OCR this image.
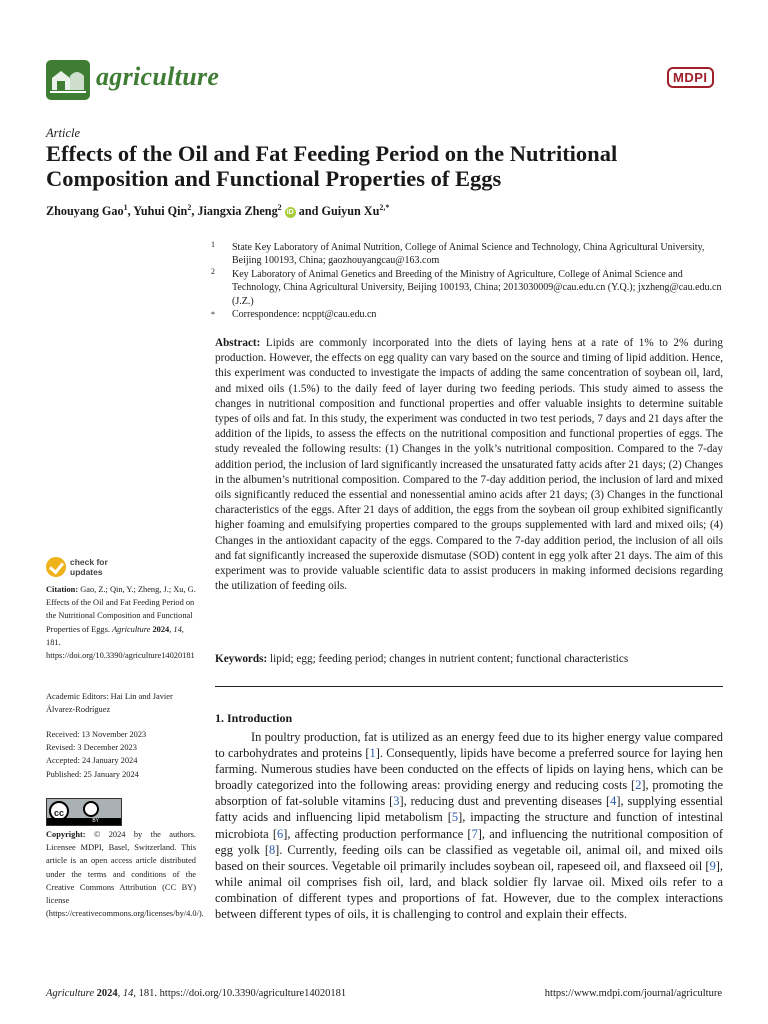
agriculture	MDPI
Article
Effects of the Oil and Fat Feeding Period on the Nutritional Composition and Functional Properties of Eggs
Zhouyang Gao$^1$, Yuhui Qin$^2$, Jiangxia Zheng$^2$ iD and Guiyun $Xu^{2,*}$
1	State Key Laboratory of Animal Nutrition, College of Animal Science and Technology, China Agricultural University, Beijing 100193, China; gaozhouyangcau@163.com
2	Key Laboratory of Animal Genetics and Breeding of the Ministry of Agriculture, College of Animal Science and Technology, China Agricultural University, Beijing 100193, China; 2013030009@cau.edu.cn (Y.Q.); jxzheng@cau.edu.cn (J.Z.)
*	Correspondence: ncppt@cau.edu.cn
Abstract: Lipids are commonly incorporated into the diets of laying hens at a rate of 1% to 2% during production. However, the effects on egg quality can vary based on the source and timing of lipid addition. Hence, this experiment was conducted to investigate the impacts of adding the same concentration of soybean oil, lard, and mixed oils (1.5%) to the daily feed of layer during two feeding periods. This study aimed to assess the changes in nutritional composition and functional properties and offer valuable insights to determine suitable types of oils and fat. In this study, the experiment was conducted in two test periods, 7 days and 21 days after the addition of the lipids, to assess the effects on the nutritional composition and functional properties of eggs. The study revealed the following results: (1) Changes in the yolk’s nutritional composition. Compared to the 7-day addition period, the inclusion of lard significantly increased the unsaturated fatty acids after 21 days; (2) Changes in the albumen’s nutritional composition. Compared to the 7-day addition period, the inclusion of lard and mixed oils significantly reduced the essential and nonessential amino acids after 21 days; (3) Changes in the functional characteristics of the eggs. After 21 days of addition, the eggs from the soybean oil group exhibited significantly higher foaming and emulsifying properties compared to the groups supplemented with lard and mixed oils; (4) Changes in the antioxidant capacity of the eggs. Compared to the 7-day addition period, the inclusion of all oils and fat significantly increased the superoxide dismutase (SOD) content in egg yolk after 21 days. The aim of this experiment was to provide valuable scientific data to assist producers in making informed decisions regarding the utilization of feeding oils.
Keywords: lipid; egg; feeding period; changes in nutrient content; functional characteristics
1. Introduction
In poultry production, fat is utilized as an energy feed due to its higher energy value compared to carbohydrates and proteins [1]. Consequently, lipids have become a preferred source for laying hen farming. Numerous studies have been conducted on the effects of lipids on laying hens, which can be broadly categorized into the following areas: providing energy and reducing costs [2], promoting the absorption of fat-soluble vitamins [3], reducing dust and preventing diseases [4], supplying essential fatty acids and influencing lipid metabolism [5], impacting the structure and function of intestinal microbiota [6], affecting production performance [7], and influencing the nutritional composition of egg yolk [8]. Currently, feeding oils can be classified as vegetable oil, animal oil, and mixed oils based on their sources. Vegetable oil primarily includes soybean oil, rapeseed oil, and flaxseed oil [9], while animal oil comprises fish oil, lard, and black soldier fly larvae oil. Mixed oils refer to a combination of different types and proportions of fat. However, due to the complex interactions between different types of oils, it is challenging to control and explain their effects.
check for
updates
Citation: Gao, Z.; Qin, Y.; Zheng, J.; Xu, G. Effects of the Oil and Fat Feeding Period on the Nutritional Composition and Functional Properties of Eggs. Agriculture 2024, 14, 181. https://doi.org/10.3390/agriculture14020181
Academic Editors: Hai Lin and Javier Álvarez-Rodríguez
Received: 13 November 2023
Revised: 3 December 2023
Accepted: 24 January 2024
Published: 25 January 2024
cc
BY
Copyright: © 2024 by the authors. Licensee MDPI, Basel, Switzerland. This article is an open access article distributed under the terms and conditions of the Creative Commons Attribution (CC BY) license (https://creativecommons.org/licenses/by/4.0/).
Agriculture 2024, 14, 181. https://doi.org/10.3390/agriculture14020181	https://www.mdpi.com/journal/agriculture
